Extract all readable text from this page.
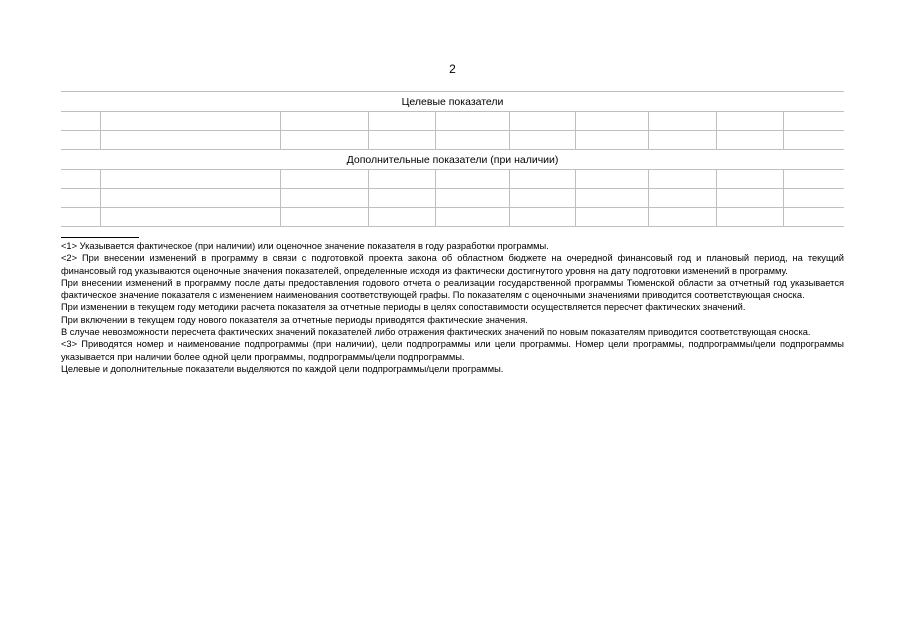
2
Целевые показатели									

Дополнительные показатели (при наличии)									

<1> Указывается фактическое (при наличии) или оценочное значение показателя в году разработки программы.

<2> При внесении изменений в программу в связи с подготовкой проекта закона об областном бюджете на очередной финансовый год и плановый период, на текущий финансовый год указываются оценочные значения показателей, определенные исходя из фактически достигнутого уровня на дату подготовки изменений в программу.

При внесении изменений в программу после даты предоставления годового отчета о реализации государственной программы Тюменской области за отчетный год указывается фактическое значение показателя с изменением наименования соответствующей графы. По показателям с оценочными значениями приводится соответствующая сноска.

При изменении в текущем году методики расчета показателя за отчетные периоды в целях сопоставимости осуществляется пересчет фактических значений.

При включении в текущем году нового показателя за отчетные периоды приводятся фактические значения.

В случае невозможности пересчета фактических значений показателей либо отражения фактических значений по новым показателям приводится соответствующая сноска.

<3> Приводятся номер и наименование подпрограммы (при наличии), цели подпрограммы или цели программы. Номер цели программы, подпрограммы/цели подпрограммы указывается при наличии более одной цели программы, подпрограммы/цели подпрограммы.

Целевые и дополнительные показатели выделяются по каждой цели подпрограммы/цели программы.
